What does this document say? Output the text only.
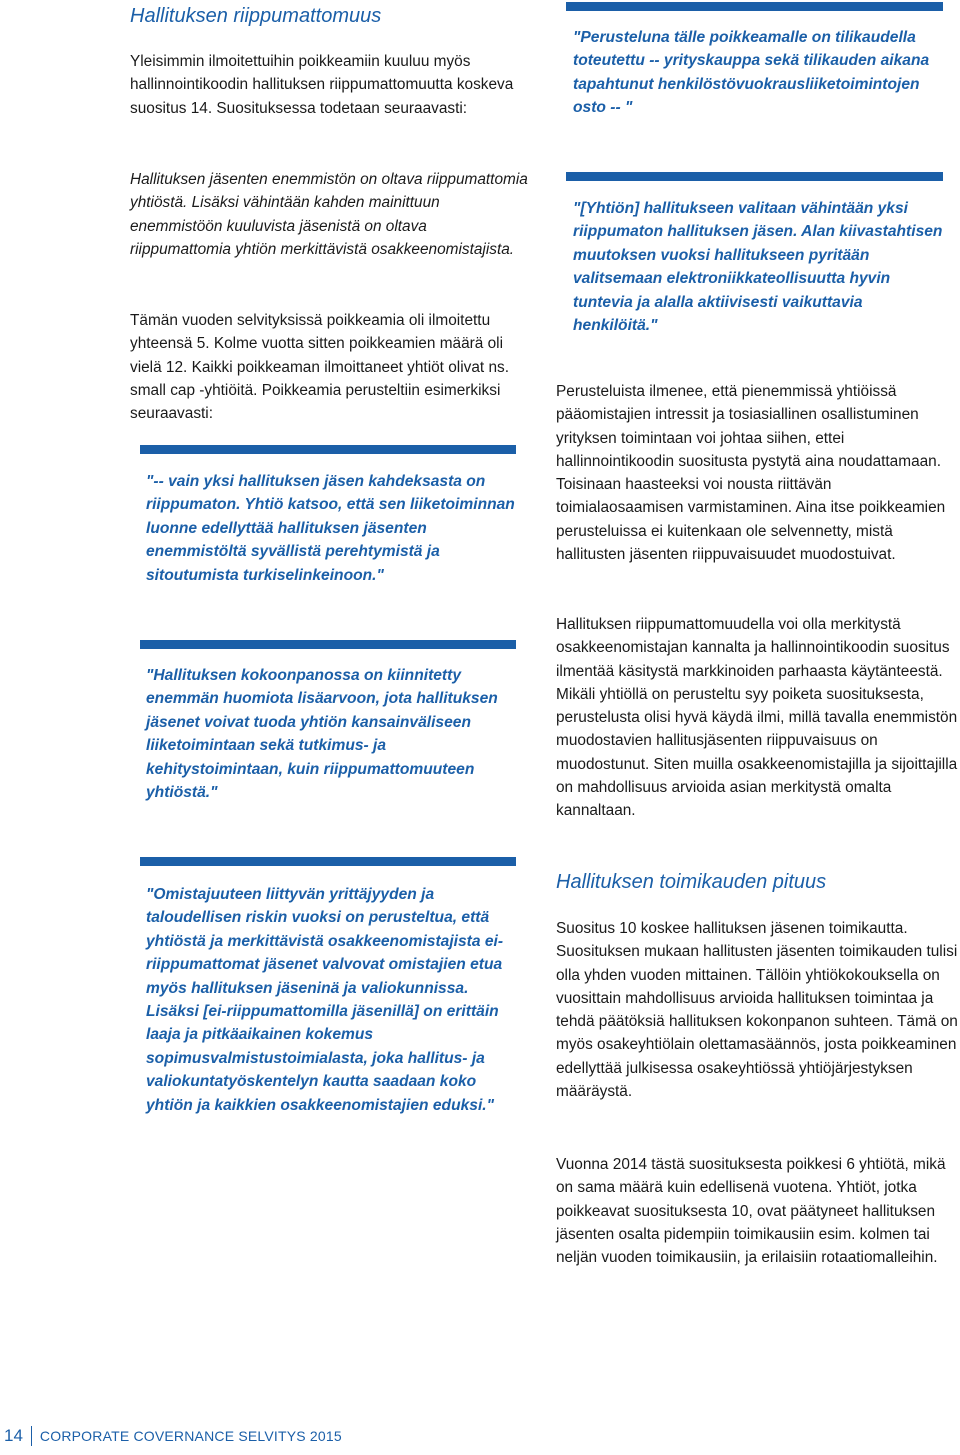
Hallituksen riippumattomuus

Yleisimmin ilmoitettuihin poikkeamiin kuuluu myös hallinnointikoodin hallituksen riippumattomuutta koskeva suositus 14. Suosituksessa todetaan seuraavasti:

Hallituksen jäsenten enemmistön on oltava riippumattomia yhtiöstä. Lisäksi vähintään kahden mainittuun enemmistöön kuuluvista jäsenistä on oltava riippumattomia yhtiön merkittävistä osakkeenomistajista.

Tämän vuoden selvityksissä poikkeamia oli ilmoitettu yhteensä 5. Kolme vuotta sitten poikkeamien määrä oli vielä 12. Kaikki poikkeaman ilmoittaneet yhtiöt olivat ns. small cap -yhtiöitä. Poikkeamia perusteltiin esimerkiksi seuraavasti:

"-- vain yksi hallituksen jäsen kahdeksasta on riippumaton. Yhtiö katsoo, että sen liiketoiminnan luonne edellyttää hallituksen jäsenten enemmistöltä syvällistä perehtymistä ja sitoutumista turkiselinkeinoon."

"Hallituksen kokoonpanossa on kiinnitetty enemmän huomiota lisäarvoon, jota hallituksen jäsenet voivat tuoda yhtiön kansainväliseen liiketoimintaan sekä tutkimus- ja kehitystoimintaan, kuin riippumattomuuteen yhtiöstä."

"Omistajuuteen liittyvän yrittäjyyden ja taloudellisen riskin vuoksi on perusteltua, että yhtiöstä ja merkittävistä osakkeenomistajista ei-riippumattomat jäsenet valvovat omistajien etua myös hallituksen jäseninä ja valiokunnissa. Lisäksi [ei-riippumattomilla jäsenillä] on erittäin laaja ja pitkäaikainen kokemus sopimusvalmistustoimialasta, joka hallitus- ja valiokuntatyöskentelyn kautta saadaan koko yhtiön ja kaikkien osakkeenomistajien eduksi."

"Perusteluna tälle poikkeamalle on tilikaudella toteutettu -- yrityskauppa sekä tilikauden aikana tapahtunut henkilöstövuokrausliiketoimintojen osto -- "

"[Yhtiön] hallitukseen valitaan vähintään yksi riippumaton hallituksen jäsen. Alan kiivastahtisen muutoksen vuoksi hallitukseen pyritään valitsemaan elektroniikkateollisuutta hyvin tuntevia ja alalla aktiivisesti vaikuttavia henkilöitä."

Perusteluista ilmenee, että pienemmissä yhtiöissä pääomistajien intressit ja tosiasiallinen osallistuminen yrityksen toimintaan voi johtaa siihen, ettei hallinnointikoodin suositusta pystytä aina noudattamaan. Toisinaan haasteeksi voi nousta riittävän toimialaosaamisen varmistaminen. Aina itse poikkeamien perusteluissa ei kuitenkaan ole selvennetty, mistä hallitusten jäsenten riippuvaisuudet muodostuivat.

Hallituksen riippumattomuudella voi olla merkitystä osakkeenomistajan kannalta ja hallinnointikoodin suositus ilmentää käsitystä markkinoiden parhaasta käytänteestä. Mikäli yhtiöllä on perusteltu syy poiketa suosituksesta, perustelusta olisi hyvä käydä ilmi, millä tavalla enemmistön muodostavien hallitusjäsenten riippuvaisuus on muodostunut. Siten muilla osakkeenomistajilla ja sijoittajilla on mahdollisuus arvioida asian merkitystä omalta kannaltaan.

Hallituksen toimikauden pituus

Suositus 10 koskee hallituksen jäsenen toimikautta. Suosituksen mukaan hallitusten jäsenten toimikauden tulisi olla yhden vuoden mittainen. Tällöin yhtiökokouksella on vuosittain mahdollisuus arvioida hallituksen toimintaa ja tehdä päätöksiä hallituksen kokonpanon suhteen. Tämä on myös osakeyhtiölain olettamasäännös, josta poikkeaminen edellyttää julkisessa osakeyhtiössä yhtiöjärjestyksen määräystä.

Vuonna 2014 tästä suosituksesta poikkesi 6 yhtiötä, mikä on sama määrä kuin edellisenä vuotena. Yhtiöt, jotka poikkeavat suosituksesta 10, ovat päätyneet hallituksen jäsenten osalta pidempiin toimikausiin esim. kolmen tai neljän vuoden toimikausiin, ja erilaisiin rotaatiomalleihin.

14 CORPORATE COVERNANCE SELVITYS 2015
